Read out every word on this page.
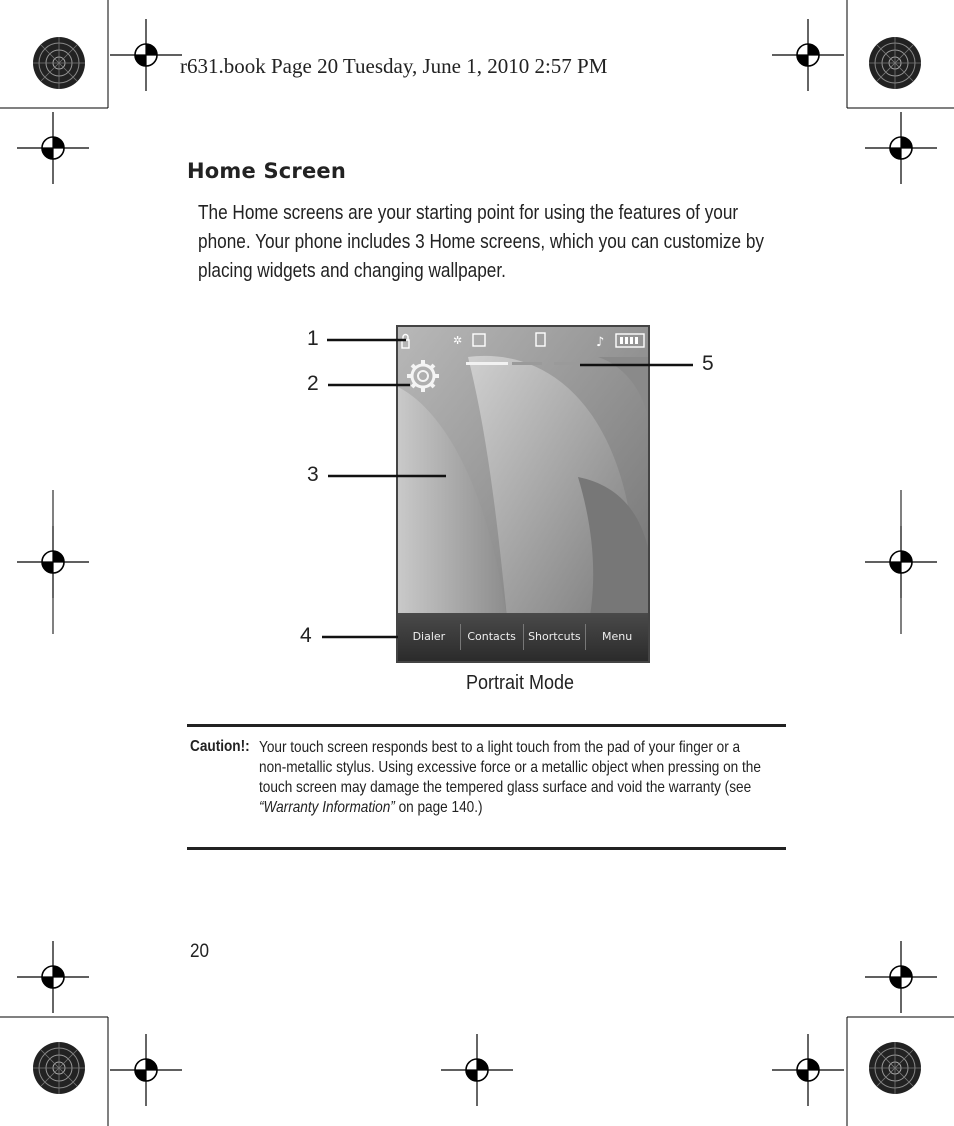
r631.book Page 20 Tuesday, June 1, 2010 2:57 PM
Home Screen
The Home screens are your starting point for using the features of your phone. Your phone includes 3 Home screens, which you can customize by placing widgets and changing wallpaper.
✲	♪
Dialer	Contacts	Shortcuts	Menu
1
2
3
4
5
Portrait Mode
Caution!: Your touch screen responds best to a light touch from the pad of your finger or a non-metallic stylus. Using excessive force or a metallic object when pressing on the touch screen may damage the tempered glass surface and void the warranty (see “Warranty Information” on page 140.)
20
